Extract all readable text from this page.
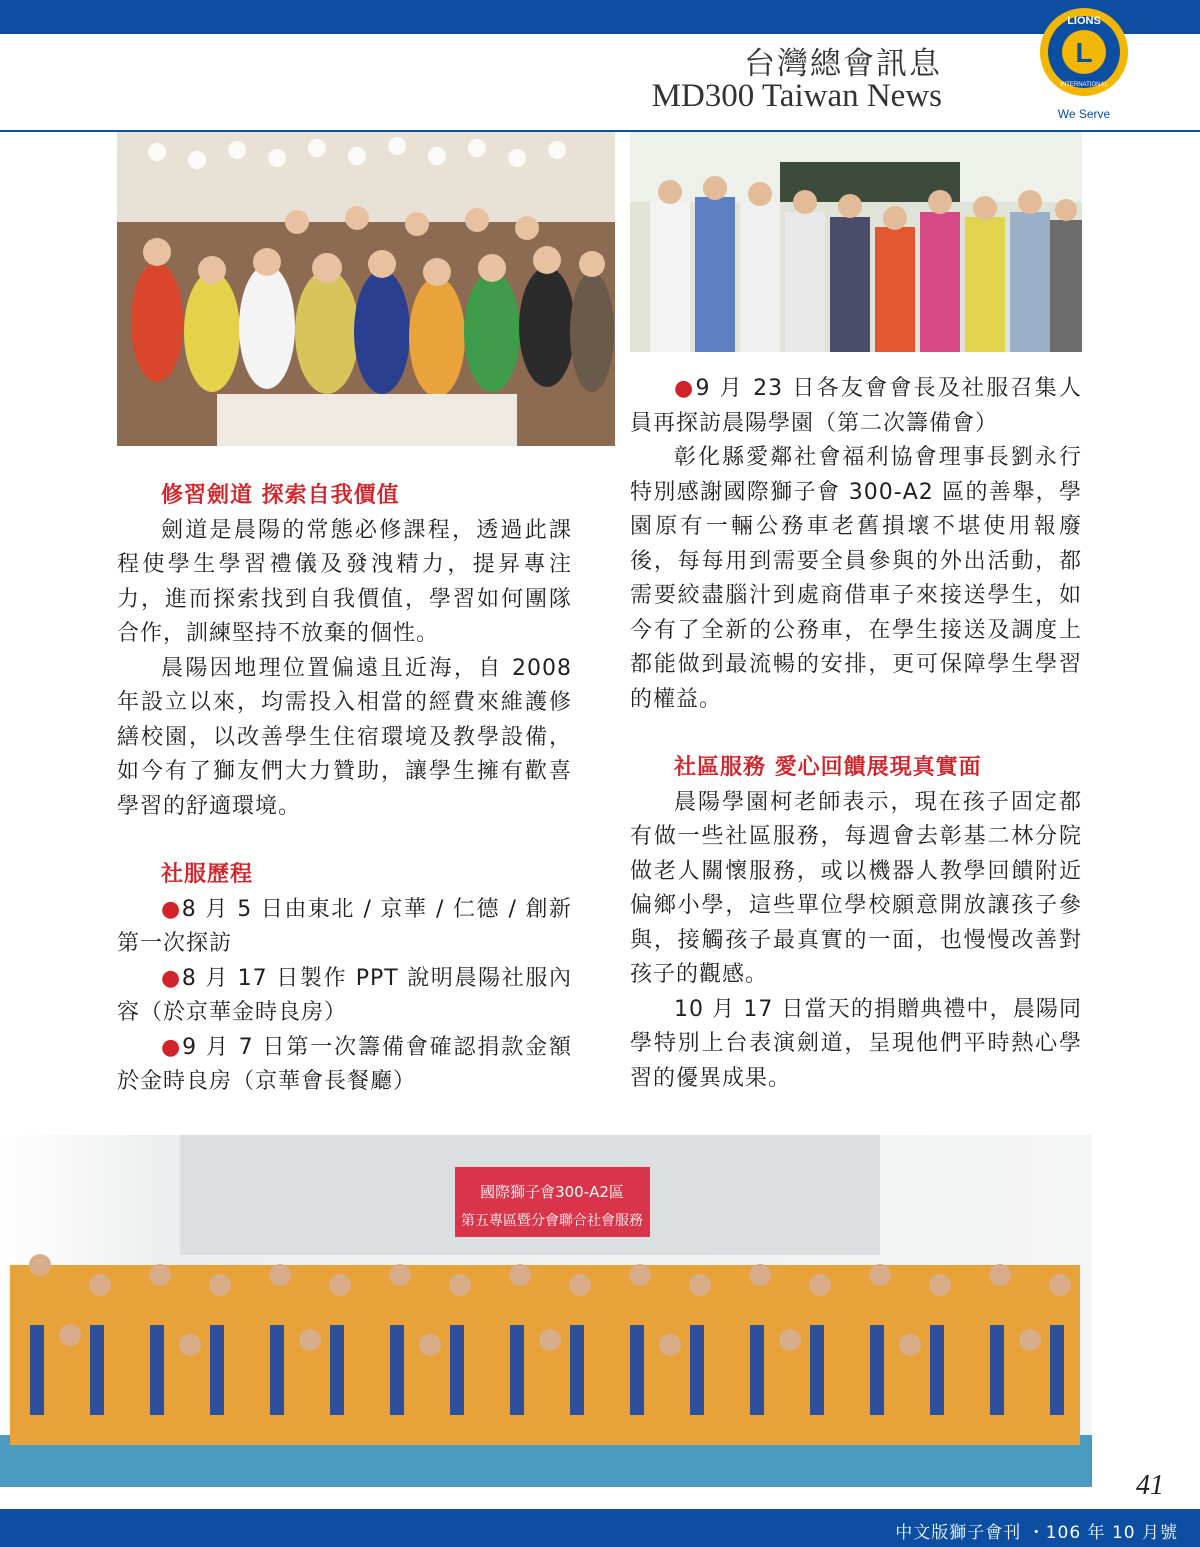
台灣總會訊息
MD300 Taiwan News
L
LIONS
INTERNATIONAL
We Serve
修習劍道 探索自我價值

劍道是晨陽的常態必修課程，透過此課程使學生學習禮儀及發洩精力，提昇專注力，進而探索找到自我價值，學習如何團隊合作，訓練堅持不放棄的個性。

晨陽因地理位置偏遠且近海，自 2008 年設立以來，均需投入相當的經費來維護修繕校園，以改善學生住宿環境及教學設備，如今有了獅友們大力贊助，讓學生擁有歡喜學習的舒適環境。

社服歷程

●8 月 5 日由東北 / 京華 / 仁德 / 創新第一次探訪

●8 月 17 日製作 PPT 說明晨陽社服內容（於京華金時良房）

●9 月 7 日第一次籌備會確認捐款金額於金時良房（京華會長餐廳）

●9 月 23 日各友會會長及社服召集人員再探訪晨陽學園（第二次籌備會）

彰化縣愛鄰社會福利協會理事長劉永行特別感謝國際獅子會 300-A2 區的善舉，學園原有一輛公務車老舊損壞不堪使用報廢後，每每用到需要全員參與的外出活動，都需要絞盡腦汁到處商借車子來接送學生，如今有了全新的公務車，在學生接送及調度上都能做到最流暢的安排，更可保障學生學習的權益。

社區服務 愛心回饋展現真實面

晨陽學園柯老師表示，現在孩子固定都有做一些社區服務，每週會去彰基二林分院做老人關懷服務，或以機器人教學回饋附近偏鄉小學，這些單位學校願意開放讓孩子參與，接觸孩子最真實的一面，也慢慢改善對孩子的觀感。

10 月 17 日當天的捐贈典禮中，晨陽同學特別上台表演劍道，呈現他們平時熱心學習的優異成果。

國際獅子會300-A2區
第五專區暨分會聯合社會服務
41
中文版獅子會刊 ・106 年 10 月號
